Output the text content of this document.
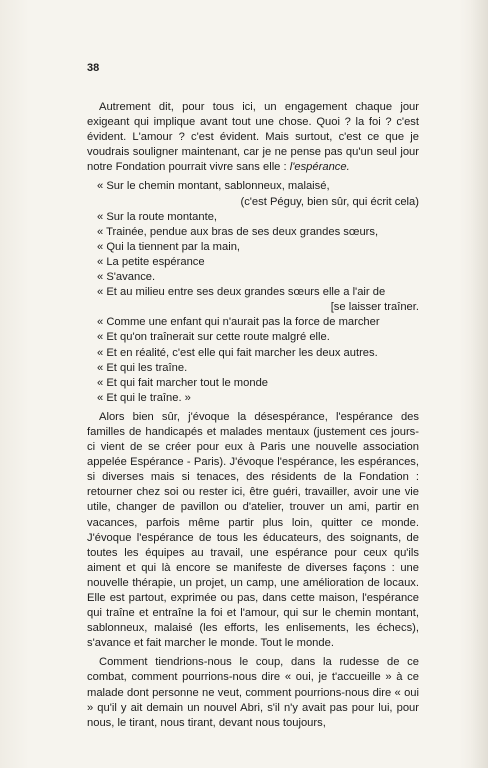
38

Autrement dit, pour tous ici, un engagement chaque jour exigeant qui implique avant tout une chose. Quoi ? la foi ? c'est évident. L'amour ? c'est évident. Mais surtout, c'est ce que je voudrais souligner maintenant, car je ne pense pas qu'un seul jour notre Fondation pourrait vivre sans elle : l'espérance.

« Sur le chemin montant, sablonneux, malaisé,
(c'est Péguy, bien sûr, qui écrit cela)
« Sur la route montante,
« Trainée, pendue aux bras de ses deux grandes sœurs,
« Qui la tiennent par la main,
« La petite espérance
« S'avance.
« Et au milieu entre ses deux grandes sœurs elle a l'air de
[se laisser traîner.
« Comme une enfant qui n'aurait pas la force de marcher
« Et qu'on traînerait sur cette route malgré elle.
« Et en réalité, c'est elle qui fait marcher les deux autres.
« Et qui les traîne.
« Et qui fait marcher tout le monde
« Et qui le traîne. »

Alors bien sûr, j'évoque la désespérance, l'espérance des familles de handicapés et malades mentaux (justement ces jours-ci vient de se créer pour eux à Paris une nouvelle association appelée Espérance - Paris). J'évoque l'espérance, les espérances, si diverses mais si tenaces, des résidents de la Fondation : retourner chez soi ou rester ici, être guéri, travailler, avoir une vie utile, changer de pavillon ou d'atelier, trouver un ami, partir en vacances, parfois même partir plus loin, quitter ce monde. J'évoque l'espérance de tous les éducateurs, des soignants, de toutes les équipes au travail, une espérance pour ceux qu'ils aiment et qui là encore se manifeste de diverses façons : une nouvelle thérapie, un projet, un camp, une amélioration de locaux. Elle est partout, exprimée ou pas, dans cette maison, l'espérance qui traîne et entraîne la foi et l'amour, qui sur le chemin montant, sablonneux, malaisé (les efforts, les enlisements, les échecs), s'avance et fait marcher le monde. Tout le monde.

Comment tiendrions-nous le coup, dans la rudesse de ce combat, comment pourrions-nous dire « oui, je t'accueille » à ce malade dont personne ne veut, comment pourrions-nous dire « oui » qu'il y ait demain un nouvel Abri, s'il n'y avait pas pour lui, pour nous, le tirant, nous tirant, devant nous toujours,
